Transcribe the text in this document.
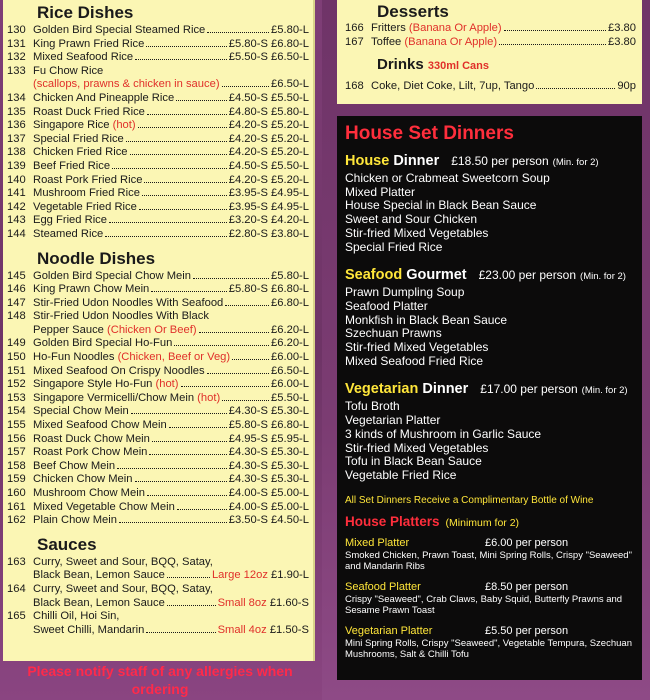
Rice Dishes
130 Golden Bird Special Steamed Rice	£5.80-L
131 King Prawn Fried Rice	£5.80-S £6.80-L
132 Mixed Seafood Rice	£5.50-S £6.50-L
133 Fu Chow Rice
(scallops, prawns & chicken in sauce)	£6.50-L
134 Chicken And Pineapple Rice	£4.50-S £5.50-L
135 Roast Duck Fried Rice	£4.80-S £5.80-L
136 Singapore Rice (hot)	£4.20-S £5.20-L
137 Special Fried Rice	£4.20-S £5.20-L
138 Chicken Fried Rice	£4.20-S £5.20-L
139 Beef Fried Rice	£4.50-S £5.50-L
140 Roast Pork Fried Rice	£4.20-S £5.20-L
141 Mushroom Fried Rice	£3.95-S £4.95-L
142 Vegetable Fried Rice	£3.95-S £4.95-L
143 Egg Fried Rice	£3.20-S £4.20-L
144 Steamed Rice	£2.80-S £3.80-L
Noodle Dishes
145 Golden Bird Special Chow Mein	£5.80-L
146 King Prawn Chow Mein	£5.80-S £6.80-L
147 Stir-Fried Udon Noodles With Seafood	£6.80-L
148 Stir-Fried Udon Noodles With Black
Pepper Sauce (Chicken Or Beef)	£6.20-L
149 Golden Bird Special Ho-Fun	£6.20-L
150 Ho-Fun Noodles (Chicken, Beef or Veg)	£6.00-L
151 Mixed Seafood On Crispy Noodles	£6.50-L
152 Singapore Style Ho-Fun (hot)	£6.00-L
153 Singapore Vermicelli/Chow Mein (hot)	£5.50-L
154 Special Chow Mein	£4.30-S £5.30-L
155 Mixed Seafood Chow Mein	£5.80-S £6.80-L
156 Roast Duck Chow Mein	£4.95-S £5.95-L
157 Roast Pork Chow Mein	£4.30-S £5.30-L
158 Beef Chow Mein	£4.30-S £5.30-L
159 Chicken Chow Mein	£4.30-S £5.30-L
160 Mushroom Chow Mein	£4.00-S £5.00-L
161 Mixed Vegetable Chow Mein	£4.00-S £5.00-L
162 Plain Chow Mein	£3.50-S £4.50-L
Sauces
163 Curry, Sweet and Sour, BQQ, Satay,
Black Bean, Lemon Sauce	Large 12oz £1.90-L
164 Curry, Sweet and Sour, BQQ, Satay,
Black Bean, Lemon Sauce	Small 8oz £1.60-S
165 Chilli Oil, Hoi Sin,
Sweet Chilli, Mandarin	Small 4oz £1.50-S
Please notify staff of any allergies when ordering
Desserts
166 Fritters (Banana Or Apple)	£3.80
167 Toffee (Banana Or Apple)	£3.80
Drinks 330ml Cans
168 Coke, Diet Coke, Lilt, 7up, Tango	90p
House Set Dinners
House Dinner £18.50 per person (Min. for 2)
Chicken or Crabmeat Sweetcorn Soup
Mixed Platter
House Special in Black Bean Sauce
Sweet and Sour Chicken
Stir-fried Mixed Vegetables
Special Fried Rice
Seafood Gourmet £23.00 per person (Min. for 2)
Prawn Dumpling Soup
Seafood Platter
Monkfish in Black Bean Sauce
Szechuan Prawns
Stir-fried Mixed Vegetables
Mixed Seafood Fried Rice
Vegetarian Dinner £17.00 per person (Min. for 2)
Tofu Broth
Vegetarian Platter
3 kinds of Mushroom in Garlic Sauce
Stir-fried Mixed Vegetables
Tofu in Black Bean Sauce
Vegetable Fried Rice
All Set Dinners Receive a Complimentary Bottle of Wine
House Platters (Minimum for 2)
Mixed Platter	£6.00 per person
Smoked Chicken, Prawn Toast, Mini Spring Rolls, Crispy "Seaweed" and Mandarin Ribs
Seafood Platter	£8.50 per person
Crispy "Seaweed", Crab Claws, Baby Squid, Butterfly Prawns and Sesame Prawn Toast
Vegetarian Platter	£5.50 per person
Mini Spring Rolls, Crispy "Seaweed", Vegetable Tempura, Szechuan Mushrooms, Salt & Chilli Tofu
